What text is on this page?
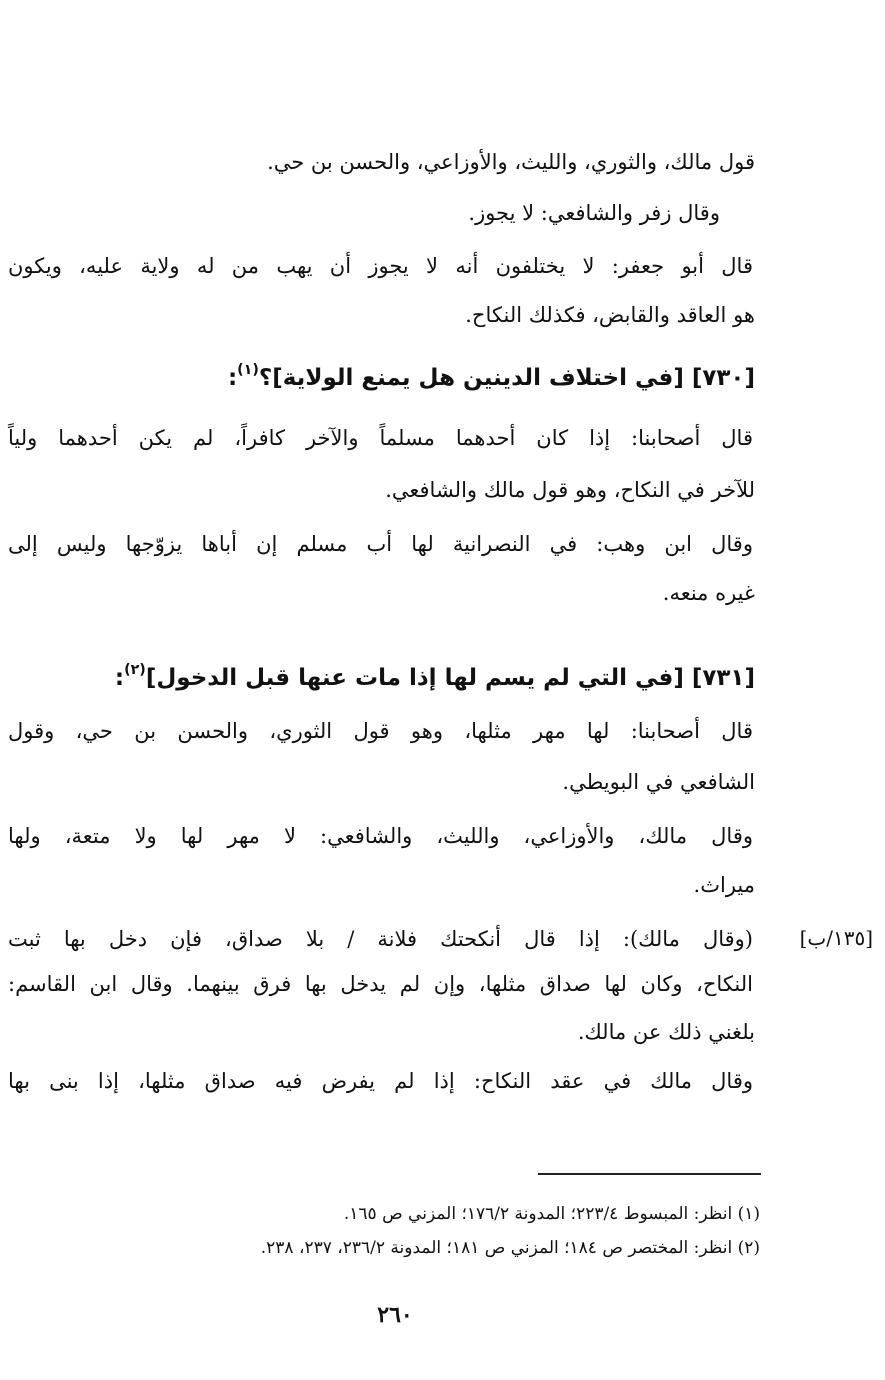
قول مالك، والثوري، والليث، والأوزاعي، والحسن بن حي.
وقال زفر والشافعي: لا يجوز.
قال أبو جعفر: لا يختلفون أنه لا يجوز أن يهب من له ولاية عليه، ويكون
هو العاقد والقابض، فكذلك النكاح.
[٧٣٠] [في اختلاف الدينين هل يمنع الولاية]؟$^{(١)}$:
قال أصحابنا: إذا كان أحدهما مسلماً والآخر كافراً، لم يكن أحدهما ولياً
للآخر في النكاح، وهو قول مالك والشافعي.
وقال ابن وهب: في النصرانية لها أب مسلم إن أباها يزوّجها وليس إلى
غيره منعه.
[٧٣١] [في التي لم يسم لها إذا مات عنها قبل الدخول]$^{(٢)}$:
قال أصحابنا: لها مهر مثلها، وهو قول الثوري، والحسن بن حي، وقول
الشافعي في البويطي.
وقال مالك، والأوزاعي، والليث، والشافعي: لا مهر لها ولا متعة، ولها
ميراث.
[١٣٥/ب]
(وقال مالك): إذا قال أنكحتك فلانة / بلا صداق، فإن دخل بها ثبت
النكاح، وكان لها صداق مثلها، وإن لم يدخل بها فرق بينهما. وقال ابن القاسم:
بلغني ذلك عن مالك.
وقال مالك في عقد النكاح: إذا لم يفرض فيه صداق مثلها، إذا بنى بها
(١) انظر: المبسوط ٢٢٣/٤؛ المدونة ١٧٦/٢؛ المزني ص ١٦٥.
(٢) انظر: المختصر ص ١٨٤؛ المزني ص ١٨١؛ المدونة ٢٣٦/٢، ٢٣٧، ٢٣٨.
٢٦٠
